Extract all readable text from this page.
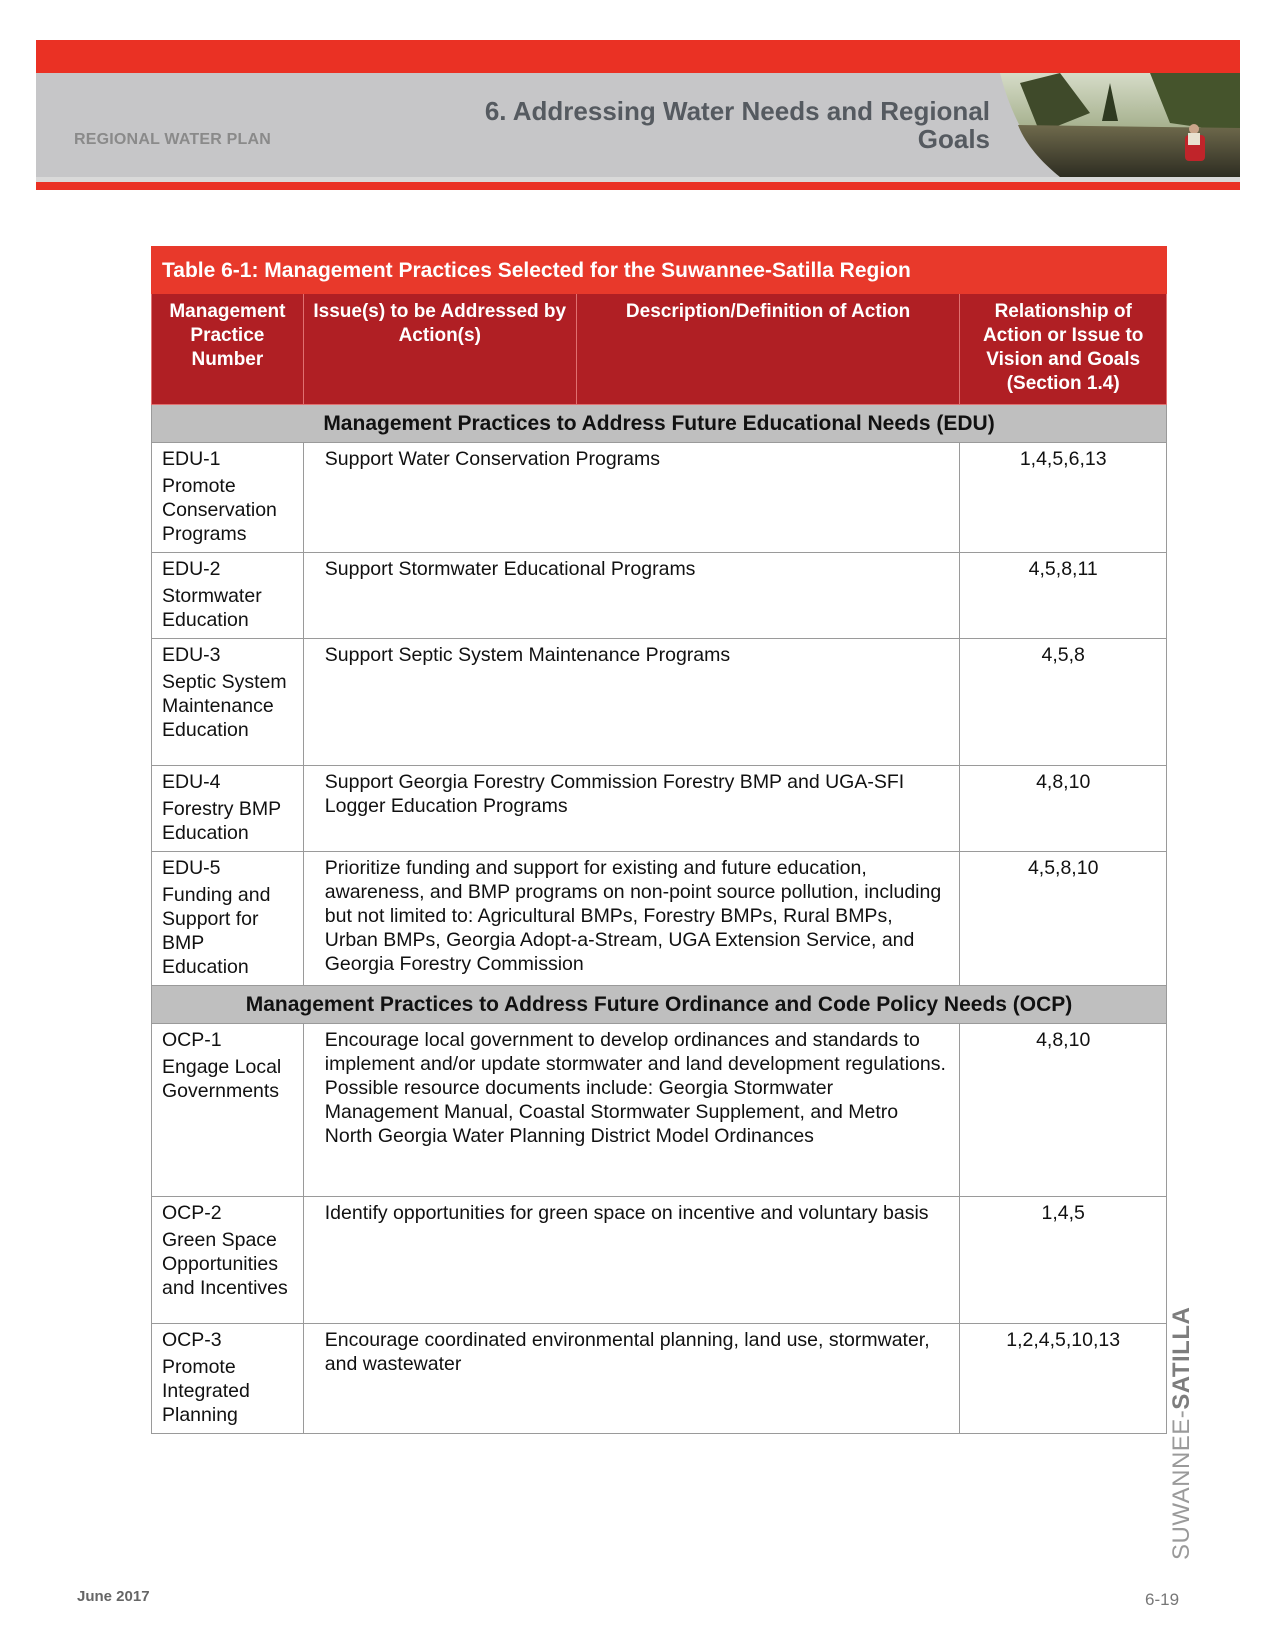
REGIONAL WATER PLAN
6. Addressing Water Needs and Regional Goals
Table 6-1: Management Practices Selected for the Suwannee-Satilla Region			
Management Practice Number	Issue(s) to be Addressed by Action(s)	Description/Definition of Action	Relationship of Action or Issue to Vision and Goals (Section 1.4)
Management Practices to Address Future Educational Needs (EDU)			

EDU-1
Promote Conservation Programs	Support Water Conservation Programs		1,4,5,6,13

EDU-2
Stormwater Education	Support Stormwater Educational Programs		4,5,8,11

EDU-3
Septic System Maintenance Education	Support Septic System Maintenance Programs		4,5,8

EDU-4
Forestry BMP Education	Support Georgia Forestry Commission Forestry BMP and UGA-SFI Logger Education Programs		4,8,10

EDU-5
Funding and Support for BMP Education	Prioritize funding and support for existing and future education, awareness, and BMP programs on non-point source pollution, including but not limited to: Agricultural BMPs, Forestry BMPs, Rural BMPs, Urban BMPs, Georgia Adopt-a-Stream, UGA Extension Service, and Georgia Forestry Commission		4,5,8,10
Management Practices to Address Future Ordinance and Code Policy Needs (OCP)			

OCP-1
Engage Local Governments	Encourage local government to develop ordinances and standards to implement and/or update stormwater and land development regulations. Possible resource documents include: Georgia Stormwater Management Manual, Coastal Stormwater Supplement, and Metro North Georgia Water Planning District Model Ordinances		4,8,10

OCP-2
Green Space Opportunities and Incentives	Identify opportunities for green space on incentive and voluntary basis		1,4,5

OCP-3
Promote Integrated Planning	Encourage coordinated environmental planning, land use, stormwater, and wastewater		1,2,4,5,10,13
SUWANNEE-SATILLA
June 2017	6-19
